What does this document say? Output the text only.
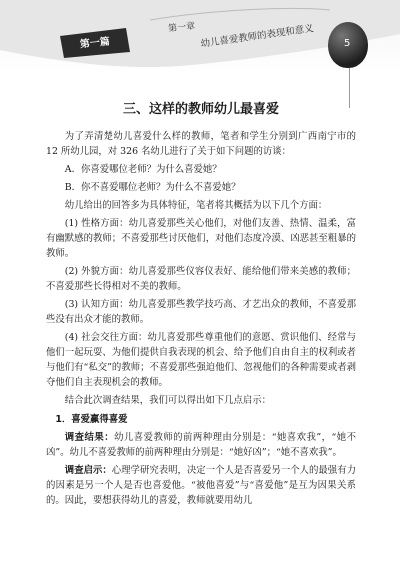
第一篇
第一章 幼儿喜爱教师的表现和意义	5
三、这样的教师幼儿最喜爱

为了弄清楚幼儿喜爱什么样的教师，笔者和学生分别到广西南宁市的 12 所幼儿园，对 326 名幼儿进行了关于如下问题的访谈：

A．你喜爱哪位老师？为什么喜爱她？

B．你不喜爱哪位老师？为什么不喜爱她？

幼儿给出的回答多为具体特征，笔者将其概括为以下几个方面：

(1) 性格方面：幼儿喜爱那些关心他们，对他们友善、热情、温柔，富有幽默感的教师；不喜爱那些讨厌他们，对他们态度冷漠、凶恶甚至粗暴的教师。

(2) 外貌方面：幼儿喜爱那些仪容仪表好、能给他们带来美感的教师；不喜爱那些长得相对不美的教师。

(3) 认知方面：幼儿喜爱那些教学技巧高、才艺出众的教师，不喜爱那些没有出众才能的教师。

(4) 社会交往方面：幼儿喜爱那些尊重他们的意愿、赏识他们、经常与他们一起玩耍、为他们提供自我表现的机会、给予他们自由自主的权利或者与他们有“私交”的教师；不喜爱那些强迫他们、忽视他们的各种需要或者剥夺他们自主表现机会的教师。

结合此次调查结果，我们可以得出如下几点启示：

1．喜爱赢得喜爱

调查结果：幼儿喜爱教师的前两种理由分别是：“她喜欢我”，“她不凶”。幼儿不喜爱教师的前两种理由分别是：“她好凶”；“她不喜欢我”。

调查启示：心理学研究表明，决定一个人是否喜爱另一个人的最强有力的因素是另一个人是否也喜爱他。“被他喜爱”与“喜爱他”是互为因果关系的。因此，要想获得幼儿的喜爱，教师就要用幼儿
